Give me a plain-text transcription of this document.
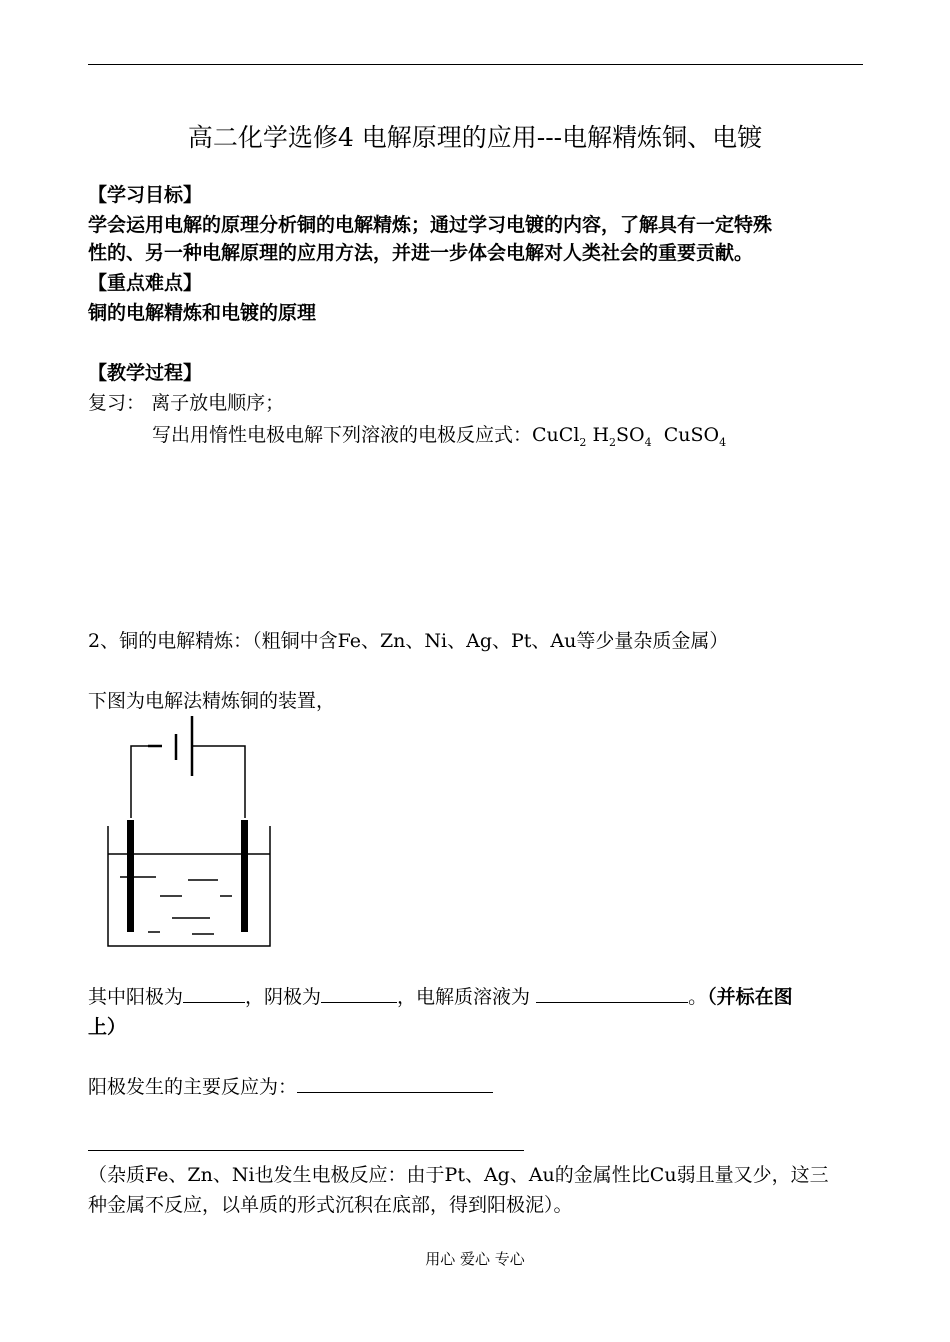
高二化学选修4 电解原理的应用---电解精炼铜、电镀
【学习目标】
学会运用电解的原理分析铜的电解精炼；通过学习电镀的内容，了解具有一定特殊
性的、另一种电解原理的应用方法，并进一步体会电解对人类社会的重要贡献。
【重点难点】
铜的电解精炼和电镀的原理
【教学过程】
复习： 离子放电顺序；
写出用惰性电极电解下列溶液的电极反应式：CuCl$_2$ $H_2SO_4$ CuSO$_4$
2、铜的电解精炼：（粗铜中含Fe、Zn、Ni、Ag、Pt、Au等少量杂质金属）
下图为电解法精炼铜的装置，
其中阳极为	，阴极为	，电解质溶液为	。（并标在图
上）
阳极发生的主要反应为：
（杂质Fe、Zn、Ni也发生电极反应：由于Pt、Ag、Au的金属性比Cu弱且量又少，这三
种金属不反应，以单质的形式沉积在底部，得到阳极泥）。
用心 爱心 专心
